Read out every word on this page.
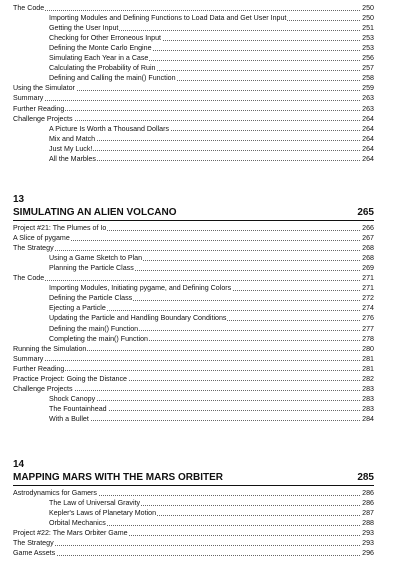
The Code	250
Importing Modules and Defining Functions to Load Data and Get User Input	250
Getting the User Input	251
Checking for Other Erroneous Input	253
Defining the Monte Carlo Engine	253
Simulating Each Year in a Case	256
Calculating the Probability of Ruin	257
Defining and Calling the main() Function	258
Using the Simulator	259
Summary	263
Further Reading	263
Challenge Projects	264
A Picture Is Worth a Thousand Dollars	264
Mix and Match	264
Just My Luck!	264
All the Marbles	264
13
SIMULATING AN ALIEN VOLCANO	265
Project #21: The Plumes of Io	266
A Slice of pygame	267
The Strategy	268
Using a Game Sketch to Plan	268
Planning the Particle Class	269
The Code	271
Importing Modules, Initiating pygame, and Defining Colors	271
Defining the Particle Class	272
Ejecting a Particle	274
Updating the Particle and Handling Boundary Conditions	276
Defining the main() Function	277
Completing the main() Function	278
Running the Simulation	280
Summary	281
Further Reading	281
Practice Project: Going the Distance	282
Challenge Projects	283
Shock Canopy	283
The Fountainhead	283
With a Bullet	284
14
MAPPING MARS WITH THE MARS ORBITER	285
Astrodynamics for Gamers	286
The Law of Universal Gravity	286
Kepler's Laws of Planetary Motion	287
Orbital Mechanics	288
Project #22: The Mars Orbiter Game	293
The Strategy	293
Game Assets	296
